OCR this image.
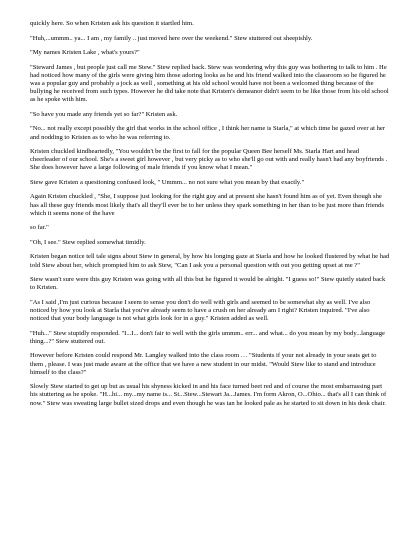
quickly here. So when Kristen ask his question it startled him.

"Huh,...ummm.. ya... I am , my family .. just moved here over the weekend." Stew stuttered out sheepishly.

"My names Kristen Lake , what's yours?"

"Steward James , but people just call me Stew." Stew replied back. Stew was wondering why this guy was bothering to talk to him . He had noticed how many of the girls were giving him those adoring looks as he and his friend walked into the classroom so he figured he was a popular guy and probably a jock as well , something at his old school would have not been a welcomed thing because of the bullying he received from such types. However he did take note that Kristen's demeanor didn't seem to be like those from his old school as he spoke with him.

"So have you made any friends yet so far?" Kristen ask.

"No... not really except possibly the girl that works in the school office , I think her name is Starla," at which time he gazed over at her and nodding to Kristen as to who he was referring to.

Kristen chuckled kindheartedly, "You wouldn't be the first to fall for the popular Queen Bee herself Ms. Starla Hart and head cheerleader of our school. She's a sweet girl however , but very picky as to who she'll go out with and really hasn't had any boyfriends . She does however have a large following of male friends if you know what I mean."

Stew gave Kristen a questioning confused look, " Ummm... no not sure what you mean by that exactly."

Again Kristen chuckled , "She, I suppose just looking for the right guy and at present she hasn't found him as of yet. Even though she has all these guy friends most likely that's all they'll ever be to her unless they spark something in her than to be just more than friends which it seems none of the have

so far."

"Oh, I see." Stew replied somewhat timidly.

Kristen began notice tell tale signs about Stew in general, by how his longing gaze at Starla and how he looked flustered by what he had told Stew about her, which prompted him to ask Stew, "Can I ask you a personal question with out you getting upset at me ?"

Stew wasn't sure were this guy Kristen was going with all this but he figured it would be alright. "I guess so!" Stew quietly stated back to Kristen.

"As I said ,I'm just curious because I seem to sense you don't do well with girls and seemed to be somewhat shy as well. I've also noticed by how you look at Starla that you've already seem to have a crush on her already am I right? Kristen inquired. "I've also noticed that your body language is not what girls look for in a guy." Kristen added as well.

"Huh..." Stew stupidly responded. "I...I... don't fair to well with the girls ummm.. err... and what... do you mean by my body...language thing...?" Stew stuttered out.

However before Kristen could respond Mr. Langley walked into the class room … "Students if your not already in your seats get to them , please. I was just made aware at the office that we have a new student in our midst. "Would Stew like to stand and introduce himself to the class?"

Slowly Stew started to get up but as usual his shyness kicked in and his face turned beet red and of course the most embarrassing part his stuttering as he spoke. "H...hi... my...my name is... St...Stew...Stewart Ja...James. I'm form Akron, O...Ohio... that's all I can think of now." Stew was sweating large bullet sized drops and even though he was tan he looked pale as he started to sit down in his desk chair.
